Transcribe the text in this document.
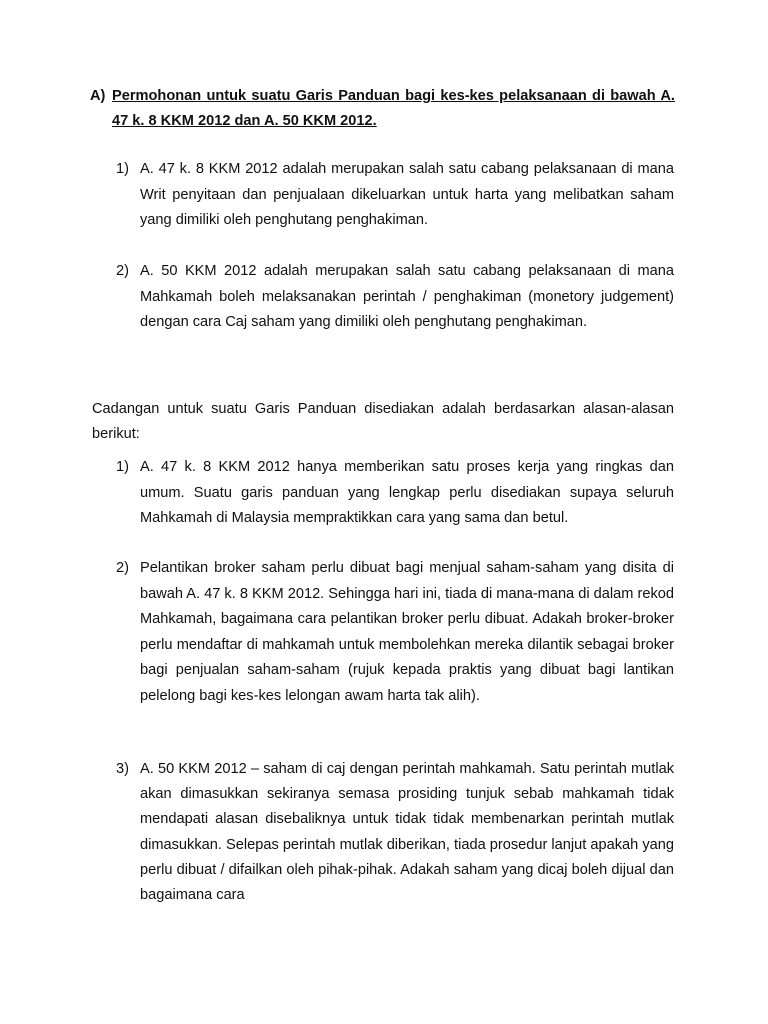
A) Permohonan untuk suatu Garis Panduan bagi kes-kes pelaksanaan di bawah A. 47 k. 8 KKM 2012 dan A. 50 KKM 2012.
1) A. 47 k. 8 KKM 2012 adalah merupakan salah satu cabang pelaksanaan di mana Writ penyitaan dan penjualaan dikeluarkan untuk harta yang melibatkan saham yang dimiliki oleh penghutang penghakiman.
2) A. 50 KKM 2012 adalah merupakan salah satu cabang pelaksanaan di mana Mahkamah boleh melaksanakan perintah / penghakiman (monetory judgement) dengan cara Caj saham yang dimiliki oleh penghutang penghakiman.
Cadangan untuk suatu Garis Panduan disediakan adalah berdasarkan alasan-alasan berikut:
1) A. 47 k. 8 KKM 2012 hanya memberikan satu proses kerja yang ringkas dan umum. Suatu garis panduan yang lengkap perlu disediakan supaya seluruh Mahkamah di Malaysia mempraktikkan cara yang sama dan betul.
2) Pelantikan broker saham perlu dibuat bagi menjual saham-saham yang disita di bawah A. 47 k. 8 KKM 2012. Sehingga hari ini, tiada di mana-mana di dalam rekod Mahkamah, bagaimana cara pelantikan broker perlu dibuat. Adakah broker-broker perlu mendaftar di mahkamah untuk membolehkan mereka dilantik sebagai broker bagi penjualan saham-saham (rujuk kepada praktis yang dibuat bagi lantikan pelelong bagi kes-kes lelongan awam harta tak alih).
3) A. 50 KKM 2012 – saham di caj dengan perintah mahkamah. Satu perintah mutlak akan dimasukkan sekiranya semasa prosiding tunjuk sebab mahkamah tidak mendapati alasan disebaliknya untuk tidak tidak membenarkan perintah mutlak dimasukkan. Selepas perintah mutlak diberikan, tiada prosedur lanjut apakah yang perlu dibuat / difailkan oleh pihak-pihak. Adakah saham yang dicaj boleh dijual dan bagaimana cara
